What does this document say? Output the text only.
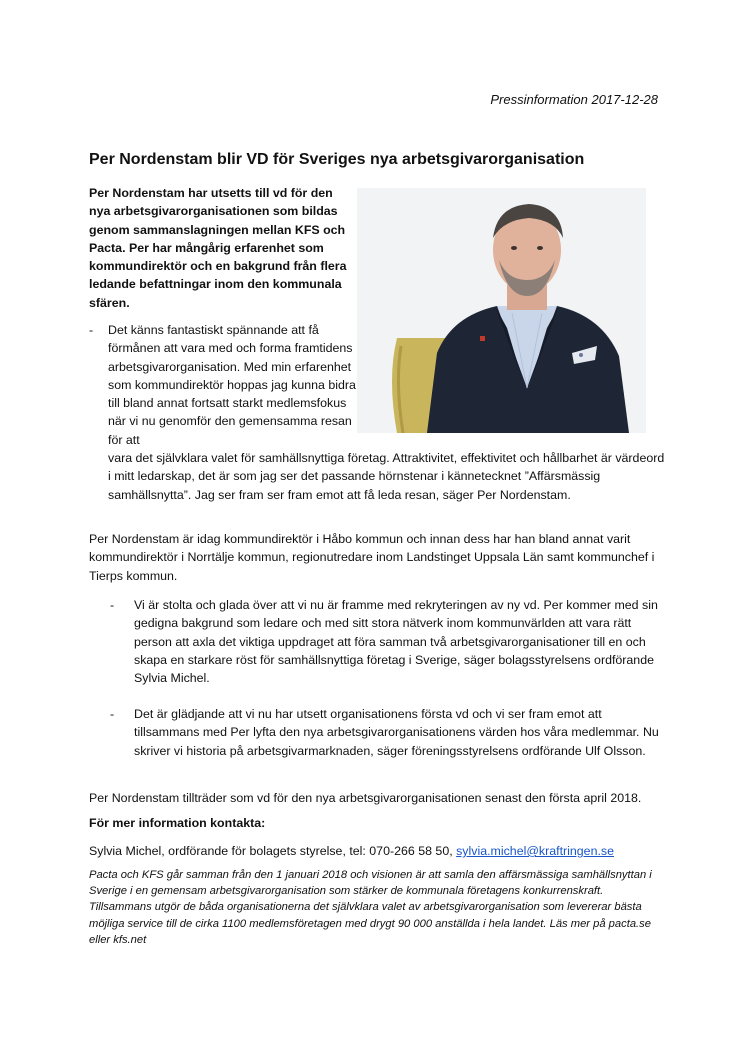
Pressinformation 2017-12-28
Per Nordenstam blir VD för Sveriges nya arbetsgivarorganisation

Per Nordenstam har utsetts till vd för den nya arbetsgivarorganisationen som bildas genom sammanslagningen mellan KFS och Pacta. Per har mångårig erfarenhet som kommundirektör och en bakgrund från flera ledande befattningar inom den kommunala sfären.

- Det känns fantastiskt spännande att få förmånen att vara med och forma framtidens arbetsgivarorganisation. Med min erfarenhet som kommundirektör hoppas jag kunna bidra till bland annat fortsatt starkt medlemsfokus när vi nu genomför den gemensamma resan för att

vara det självklara valet för samhällsnyttiga företag. Attraktivitet, effektivitet och hållbarhet är värdeord i mitt ledarskap, det är som jag ser det passande hörnstenar i kännetecknet ”Affärsmässig samhällsnytta”. Jag ser fram ser fram emot att få leda resan, säger Per Nordenstam.

Per Nordenstam är idag kommundirektör i Håbo kommun och innan dess har han bland annat varit kommundirektör i Norrtälje kommun, regionutredare inom Landstinget Uppsala Län samt kommunchef i Tierps kommun.

- Vi är stolta och glada över att vi nu är framme med rekryteringen av ny vd. Per kommer med sin gedigna bakgrund som ledare och med sitt stora nätverk inom kommunvärlden att vara rätt person att axla det viktiga uppdraget att föra samman två arbetsgivarorganisationer till en och skapa en starkare röst för samhällsnyttiga företag i Sverige, säger bolagsstyrelsens ordförande Sylvia Michel.

- Det är glädjande att vi nu har utsett organisationens första vd och vi ser fram emot att tillsammans med Per lyfta den nya arbetsgivarorganisationens värden hos våra medlemmar. Nu skriver vi historia på arbetsgivarmarknaden, säger föreningsstyrelsens ordförande Ulf Olsson.

Per Nordenstam tillträder som vd för den nya arbetsgivarorganisationen senast den första april 2018.

För mer information kontakta:

Sylvia Michel, ordförande för bolagets styrelse, tel: 070-266 58 50, sylvia.michel@kraftringen.se

Pacta och KFS går samman från den 1 januari 2018 och visionen är att samla den affärsmässiga samhällsnyttan i Sverige i en gemensam arbetsgivarorganisation som stärker de kommunala företagens konkurrenskraft. Tillsammans utgör de båda organisationerna det självklara valet av arbetsgivarorganisation som levererar bästa möjliga service till de cirka 1100 medlemsföretagen med drygt 90 000 anställda i hela landet. Läs mer på pacta.se eller kfs.net
